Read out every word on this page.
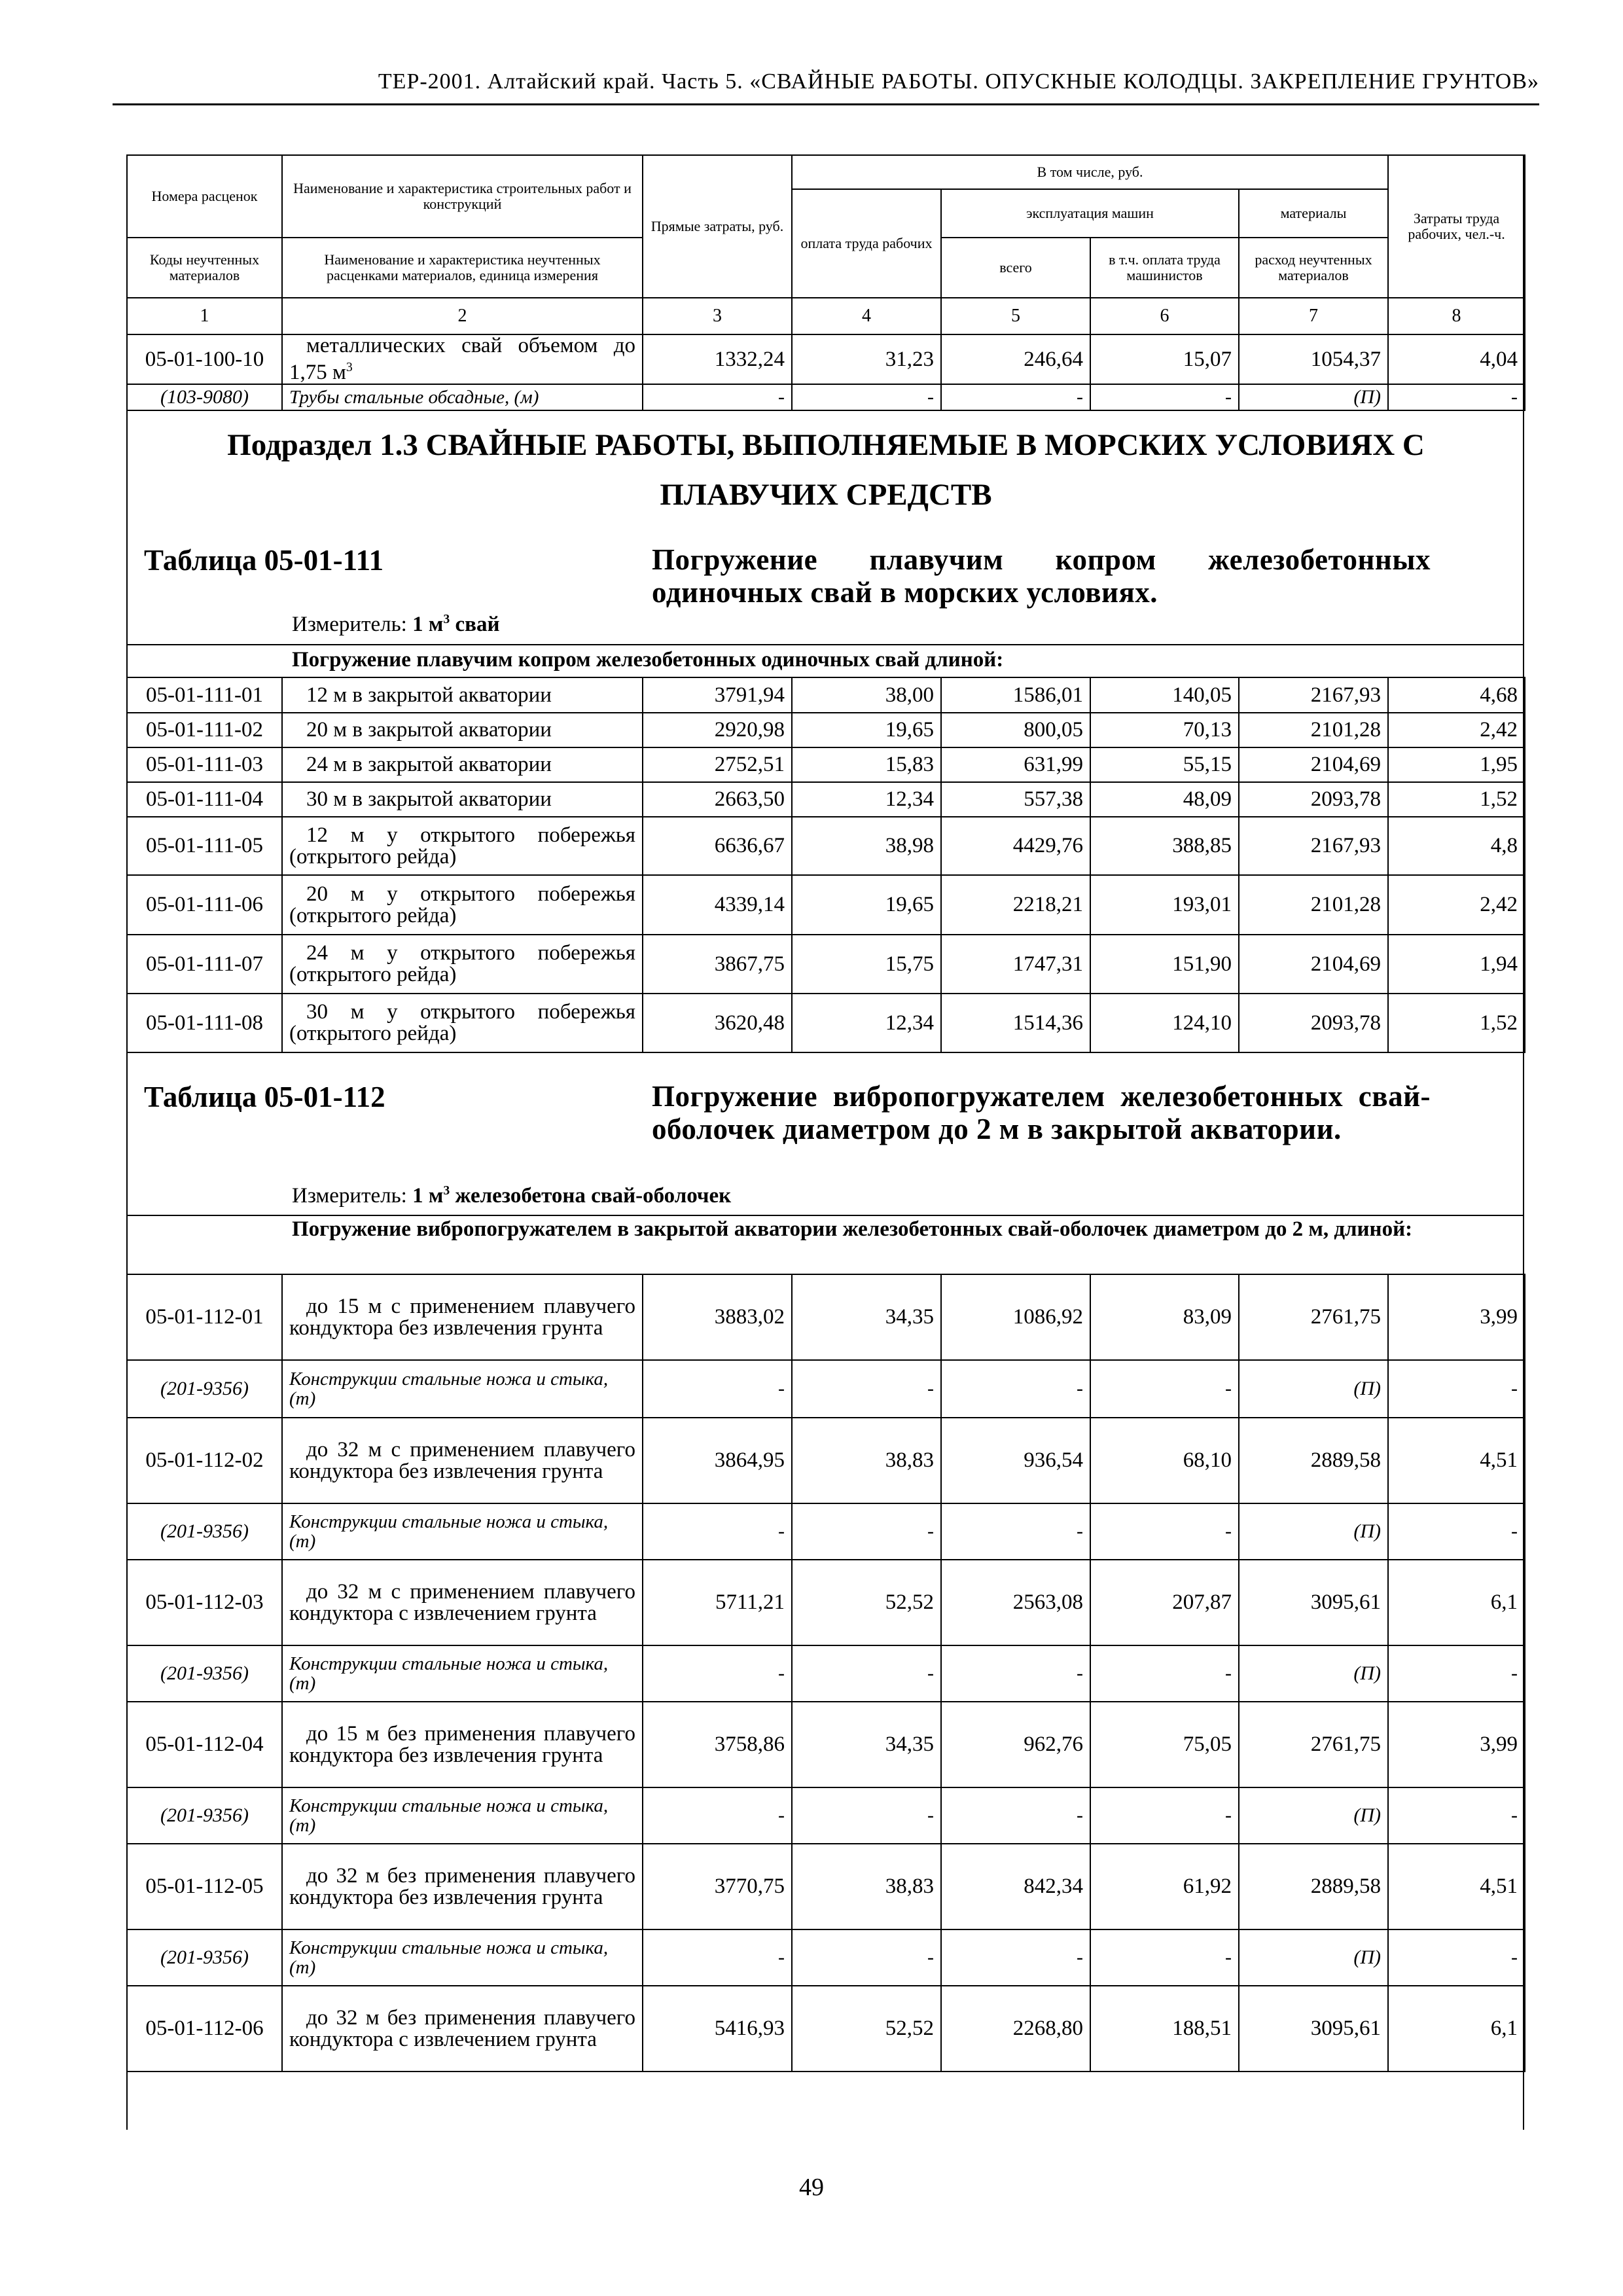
ТЕР-2001. Алтайский край. Часть 5. «СВАЙНЫЕ РАБОТЫ. ОПУСКНЫЕ КОЛОДЦЫ. ЗАКРЕПЛЕНИЕ ГРУНТОВ»
Номера расценок	Наименование и характеристика строительных работ и конструкций	Прямые затраты, руб.	В том числе, руб.				Затраты труда рабочих, чел.-ч.
			оплата труда рабочих	эксплуатация машин		материалы	
Коды неучтенных материалов	Наименование и характеристика неучтенных расценками материалов, единица измерения			всего	в т.ч. оплата труда машинистов	расход неучтенных материалов	
1	2	3	4	5	6	7	8
05-01-100-10	металлических свай объемом до 1,75 $м^3$	1332,24	31,23	246,64	15,07	1054,37	4,04
(103-9080)	Трубы стальные обсадные, (м)	-	-	-	-	(П)	-
Подраздел 1.3 СВАЙНЫЕ РАБОТЫ, ВЫПОЛНЯЕМЫЕ В МОРСКИХ УСЛОВИЯХ С
ПЛАВУЧИХ СРЕДСТВ
Таблица 05-01-111	Погружение плавучим копром железобетонных одиночных свай в морских условиях.
Измеритель: 1 $м^3$ свай
Погружение плавучим копром железобетонных одиночных свай длиной:
05-01-111-01	12 м в закрытой акватории	3791,94	38,00	1586,01	140,05	2167,93	4,68
05-01-111-02	20 м в закрытой акватории	2920,98	19,65	800,05	70,13	2101,28	2,42
05-01-111-03	24 м в закрытой акватории	2752,51	15,83	631,99	55,15	2104,69	1,95
05-01-111-04	30 м в закрытой акватории	2663,50	12,34	557,38	48,09	2093,78	1,52
05-01-111-05	12 м у открытого побережья (открытого рейда)	6636,67	38,98	4429,76	388,85	2167,93	4,8
05-01-111-06	20 м у открытого побережья (открытого рейда)	4339,14	19,65	2218,21	193,01	2101,28	2,42
05-01-111-07	24 м у открытого побережья (открытого рейда)	3867,75	15,75	1747,31	151,90	2104,69	1,94
05-01-111-08	30 м у открытого побережья (открытого рейда)	3620,48	12,34	1514,36	124,10	2093,78	1,52
Таблица 05-01-112	Погружение вибропогружателем железобетонных свай-оболочек диаметром до 2 м в закрытой акватории.
Измеритель: 1 $м^3$ железобетона свай-оболочек
Погружение вибропогружателем в закрытой акватории железобетонных свай-оболочек диаметром до 2 м, длиной:
05-01-112-01	до 15 м с применением плавучего кондуктора без извлечения грунта	3883,02	34,35	1086,92	83,09	2761,75	3,99
(201-9356)	Конструкции стальные ножа и стыка, (т)	-	-	-	-	(П)	-
05-01-112-02	до 32 м с применением плавучего кондуктора без извлечения грунта	3864,95	38,83	936,54	68,10	2889,58	4,51
(201-9356)	Конструкции стальные ножа и стыка, (т)	-	-	-	-	(П)	-
05-01-112-03	до 32 м с применением плавучего кондуктора с извлечением грунта	5711,21	52,52	2563,08	207,87	3095,61	6,1
(201-9356)	Конструкции стальные ножа и стыка, (т)	-	-	-	-	(П)	-
05-01-112-04	до 15 м без применения плавучего кондуктора без извлечения грунта	3758,86	34,35	962,76	75,05	2761,75	3,99
(201-9356)	Конструкции стальные ножа и стыка, (т)	-	-	-	-	(П)	-
05-01-112-05	до 32 м без применения плавучего кондуктора без извлечения грунта	3770,75	38,83	842,34	61,92	2889,58	4,51
(201-9356)	Конструкции стальные ножа и стыка, (т)	-	-	-	-	(П)	-
05-01-112-06	до 32 м без применения плавучего кондуктора с извлечением грунта	5416,93	52,52	2268,80	188,51	3095,61	6,1
49
